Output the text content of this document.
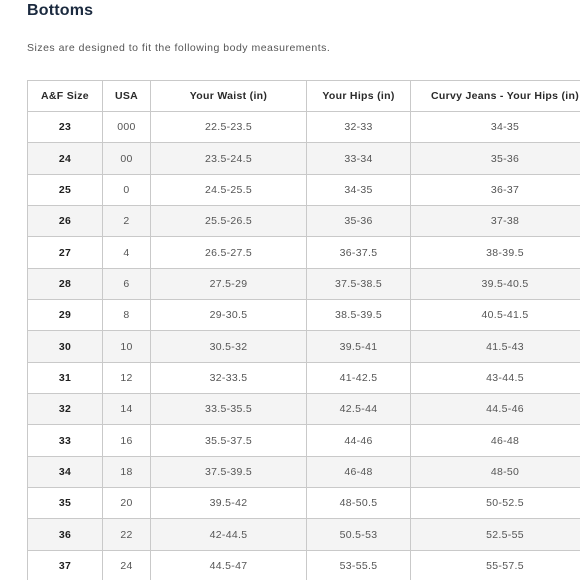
Bottoms
Sizes are designed to fit the following body measurements.
A&F Size	USA	Your Waist (in)	Your Hips (in)	Curvy Jeans - Your Hips (in)
23	000	22.5-23.5	32-33	34-35
24	00	23.5-24.5	33-34	35-36
25	0	24.5-25.5	34-35	36-37
26	2	25.5-26.5	35-36	37-38
27	4	26.5-27.5	36-37.5	38-39.5
28	6	27.5-29	37.5-38.5	39.5-40.5
29	8	29-30.5	38.5-39.5	40.5-41.5
30	10	30.5-32	39.5-41	41.5-43
31	12	32-33.5	41-42.5	43-44.5
32	14	33.5-35.5	42.5-44	44.5-46
33	16	35.5-37.5	44-46	46-48
34	18	37.5-39.5	46-48	48-50
35	20	39.5-42	48-50.5	50-52.5
36	22	42-44.5	50.5-53	52.5-55
37	24	44.5-47	53-55.5	55-57.5
